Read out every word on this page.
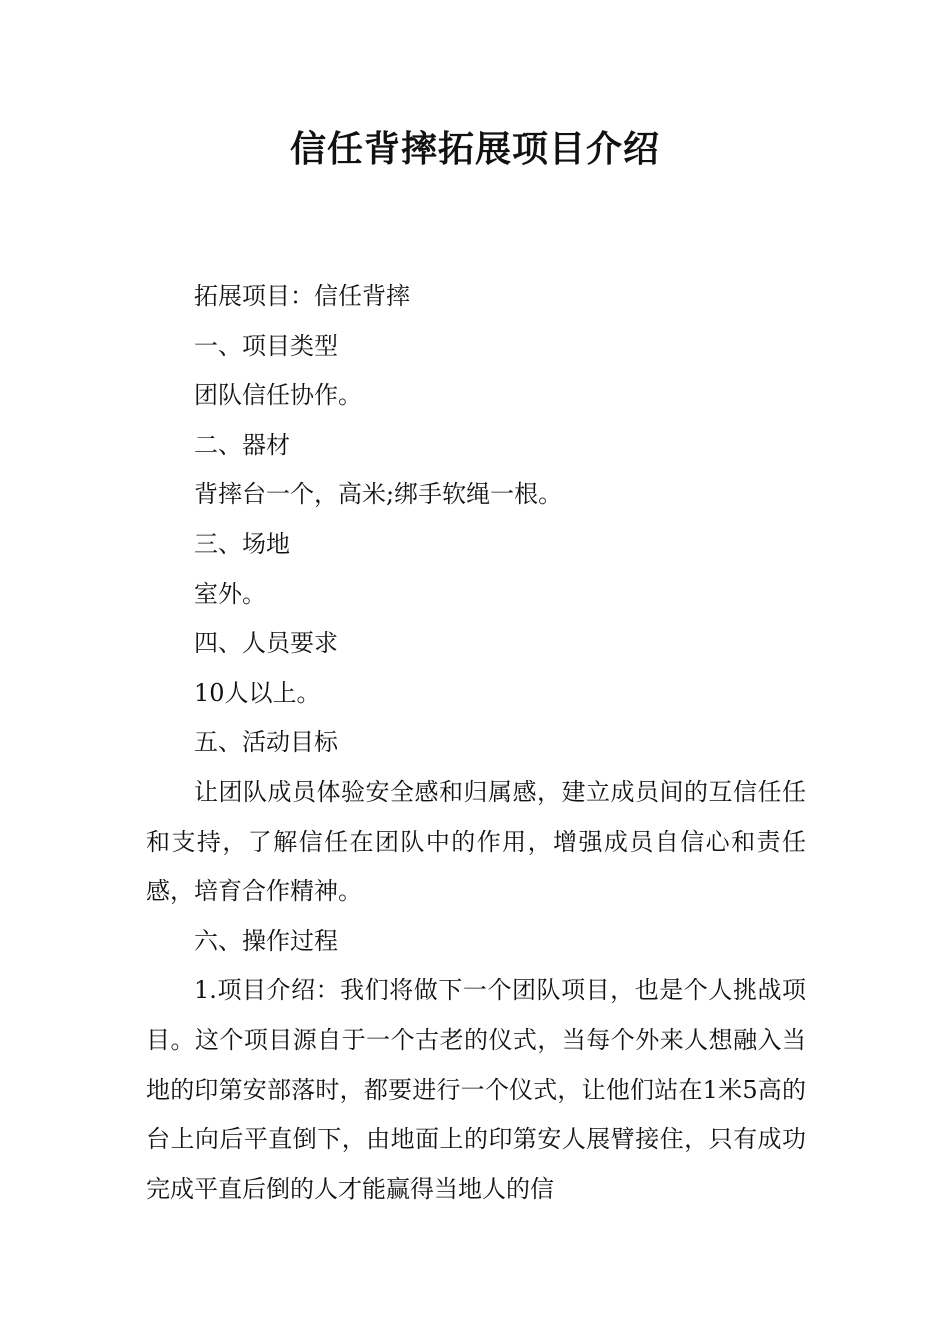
信任背摔拓展项目介绍

拓展项目：信任背摔

一、项目类型

团队信任协作。

二、器材

背摔台一个，高米;绑手软绳一根。

三、场地

室外。

四、人员要求

10人以上。

五、活动目标

让团队成员体验安全感和归属感，建立成员间的互信任任和支持，了解信任在团队中的作用，增强成员自信心和责任感，培育合作精神。

六、操作过程

1.项目介绍：我们将做下一个团队项目，也是个人挑战项目。这个项目源自于一个古老的仪式，当每个外来人想融入当地的印第安部落时，都要进行一个仪式，让他们站在1米5高的台上向后平直倒下，由地面上的印第安人展臂接住，只有成功完成平直后倒的人才能赢得当地人的信
